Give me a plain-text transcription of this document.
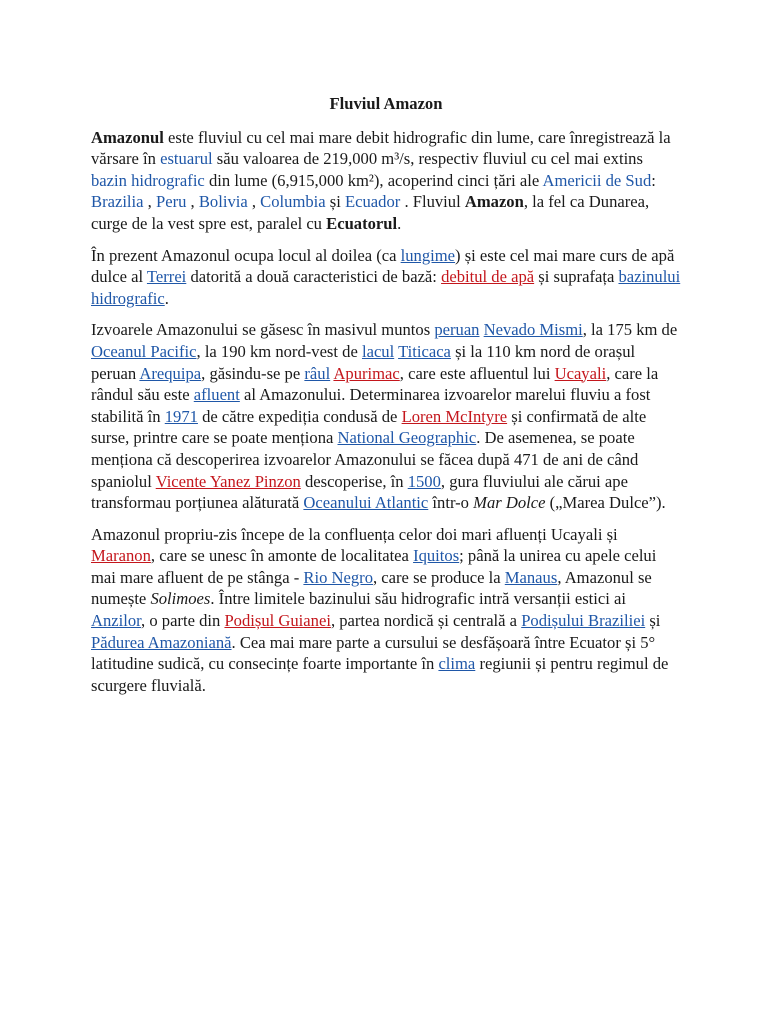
Fluviul Amazon

Amazonul este fluviul cu cel mai mare debit hidrografic din lume, care înregistrează la vărsare în estuarul său valoarea de 219,000 m³/s, respectiv fluviul cu cel mai extins bazin hidrografic din lume (6,915,000 km²), acoperind cinci țări ale Americii de Sud: Brazilia , Peru , Bolivia , Columbia și Ecuador . Fluviul Amazon, la fel ca Dunarea, curge de la vest spre est, paralel cu Ecuatorul.

În prezent Amazonul ocupa locul al doilea (ca lungime) și este cel mai mare curs de apă dulce al Terrei datorită a două caracteristici de bază: debitul de apă și suprafața bazinului hidrografic.

Izvoarele Amazonului se găsesc în masivul muntos peruan Nevado Mismi, la 175 km de Oceanul Pacific, la 190 km nord-vest de lacul Titicaca și la 110 km nord de orașul peruan Arequipa, găsindu-se pe râul Apurimac, care este afluentul lui Ucayali, care la rândul său este afluent al Amazonului. Determinarea izvoarelor marelui fluviu a fost stabilită în 1971 de către expediția condusă de Loren McIntyre și confirmată de alte surse, printre care se poate menționa National Geographic. De asemenea, se poate menționa că descoperirea izvoarelor Amazonului se făcea după 471 de ani de când spaniolul Vicente Yanez Pinzon descoperise, în 1500, gura fluviului ale cărui ape transformau porțiunea alăturată Oceanului Atlantic într-o Mar Dolce („Marea Dulce”).

Amazonul propriu-zis începe de la confluența celor doi mari afluenți Ucayali și Maranon, care se unesc în amonte de localitatea Iquitos; până la unirea cu apele celui mai mare afluent de pe stânga - Rio Negro, care se produce la Manaus, Amazonul se numește Solimoes. Între limitele bazinului său hidrografic intră versanții estici ai Anzilor, o parte din Podișul Guianei, partea nordică și centrală a Podișului Braziliei și Pădurea Amazoniană. Cea mai mare parte a cursului se desfășoară între Ecuator și 5° latitudine sudică, cu consecințe foarte importante în clima regiunii și pentru regimul de scurgere fluvială.
